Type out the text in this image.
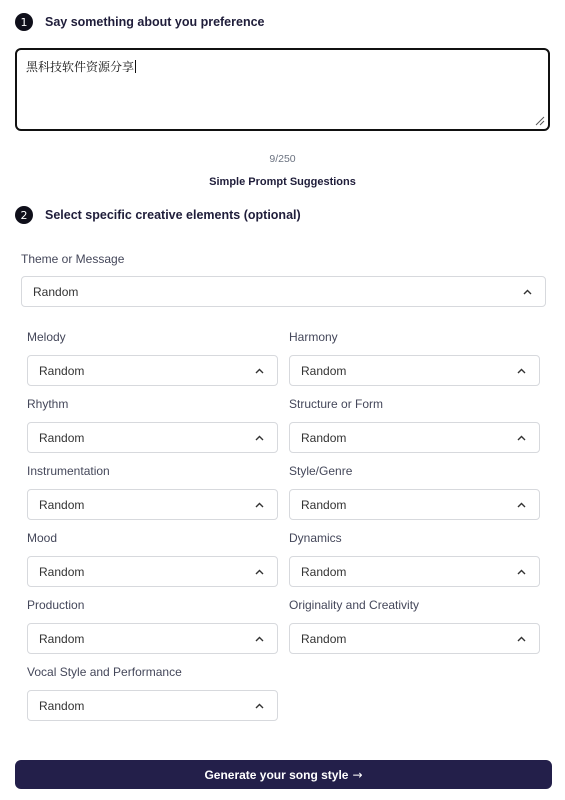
1	Say something about you preference
黑科技软件资源分享
9/250
Simple Prompt Suggestions
2	Select specific creative elements (optional)
Theme or Message
Random
Melody
Random
Harmony
Random
Rhythm
Random
Structure or Form
Random
Instrumentation
Random
Style/Genre
Random
Mood
Random
Dynamics
Random
Production
Random
Originality and Creativity
Random
Vocal Style and Performance
Random
Generate your song style →
